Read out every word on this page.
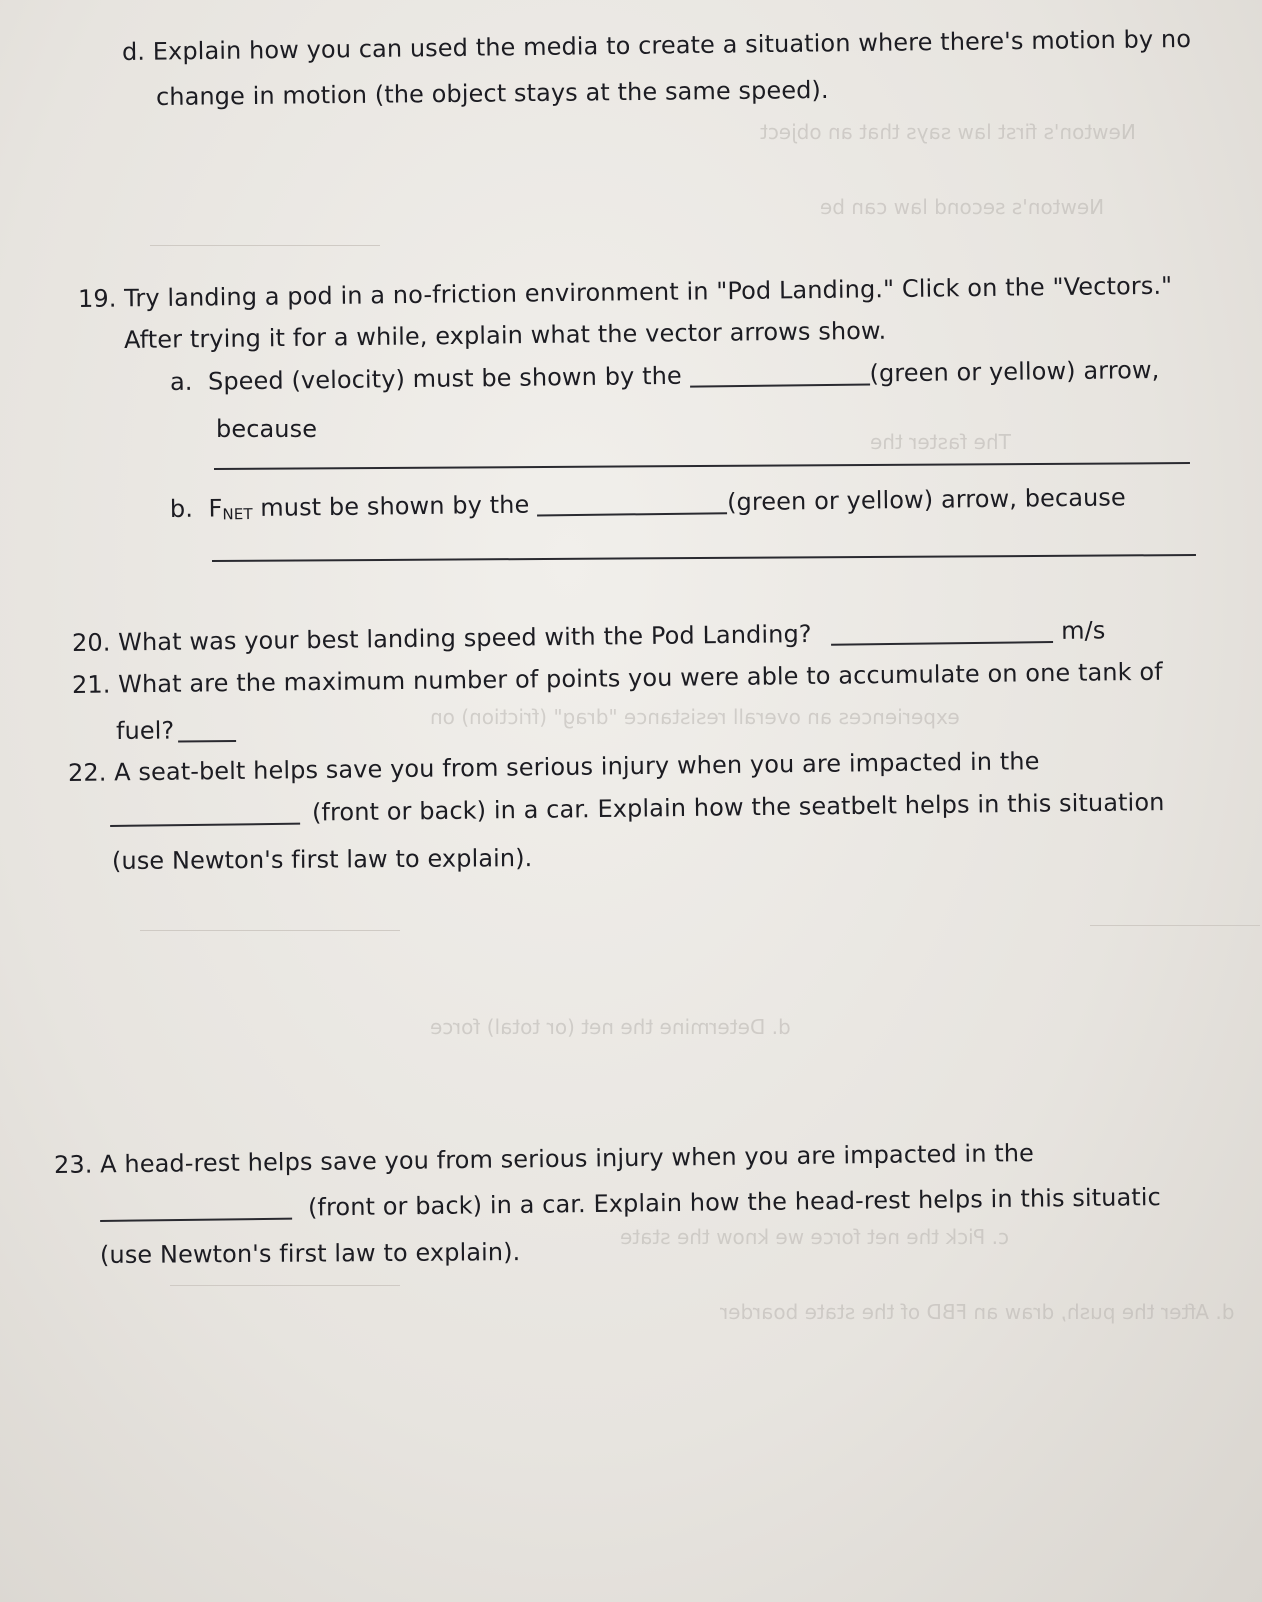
Newton's first law says that an object
Newton's second law can be
The faster the
experiences an overall resistance "drag" (friction) on
d. Determine the net (or total) force
c. Pick the net force we know the state
d. After the push, draw an FBD of the state boarder
d. Explain how you can used the media to create a situation where there's motion by no
change in motion (the object stays at the same speed).
19. Try landing a pod in a no-friction environment in "Pod Landing." Click on the "Vectors."
After trying it for a while, explain what the vector arrows show.
a. Speed (velocity) must be shown by the	(green or yellow) arrow,
because
b. $F_{NET}$ must be shown by the	(green or yellow) arrow, because
20. What was your best landing speed with the Pod Landing?	m/s
21. What are the maximum number of points you were able to accumulate on one tank of
fuel?
22. A seat-belt helps save you from serious injury when you are impacted in the
(front or back) in a car. Explain how the seatbelt helps in this situation
(use Newton's first law to explain).
23. A head-rest helps save you from serious injury when you are impacted in the
(front or back) in a car. Explain how the head-rest helps in this situatic
(use Newton's first law to explain).
